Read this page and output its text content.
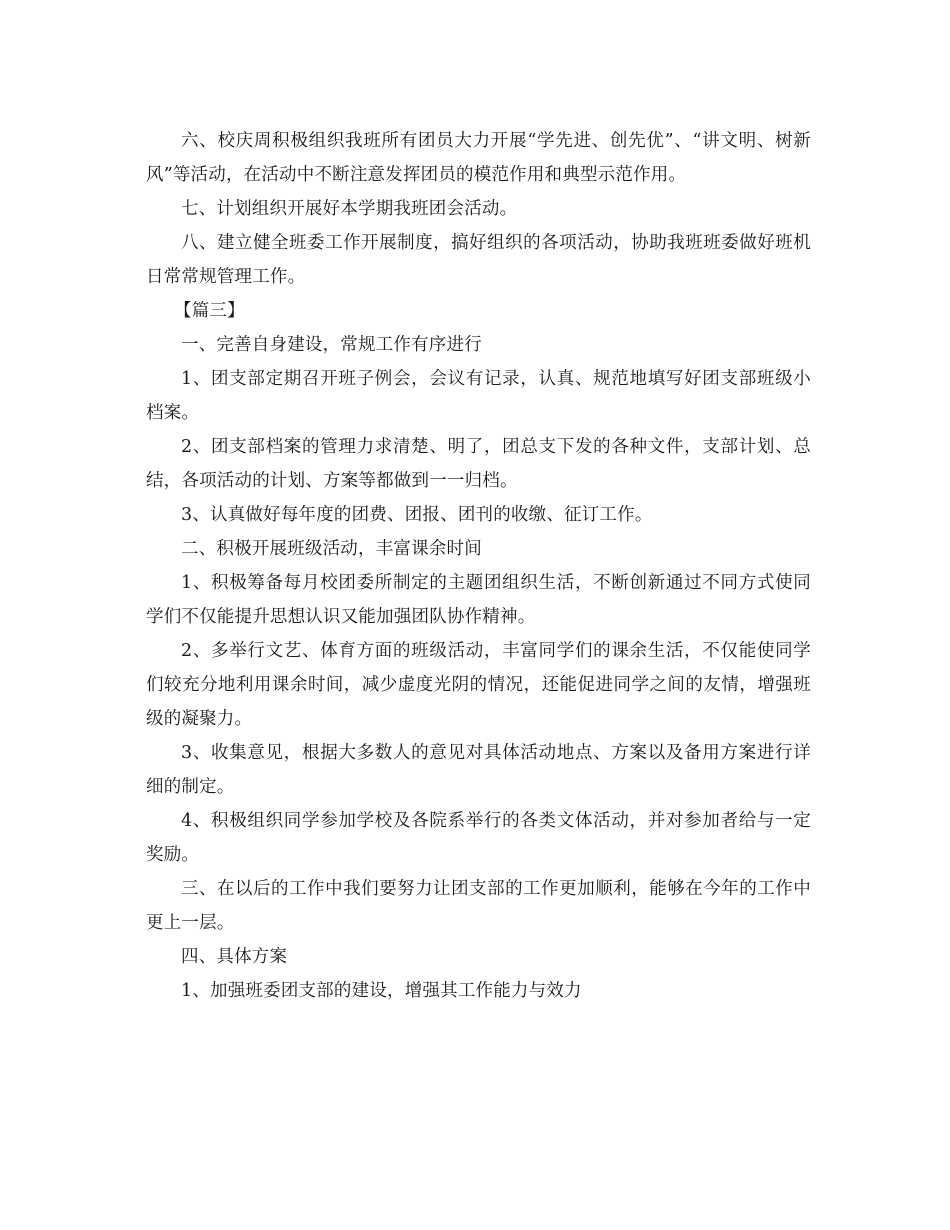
六、校庆周积极组织我班所有团员大力开展“学先进、创先优”、“讲文明、树新风”等活动，在活动中不断注意发挥团员的模范作用和典型示范作用。

七、计划组织开展好本学期我班团会活动。

八、建立健全班委工作开展制度，搞好组织的各项活动，协助我班班委做好班机日常常规管理工作。

【篇三】

一、完善自身建设，常规工作有序进行

1、团支部定期召开班子例会，会议有记录，认真、规范地填写好团支部班级小档案。

2、团支部档案的管理力求清楚、明了，团总支下发的各种文件，支部计划、总结，各项活动的计划、方案等都做到一一归档。

3、认真做好每年度的团费、团报、团刊的收缴、征订工作。

二、积极开展班级活动，丰富课余时间

1、积极筹备每月校团委所制定的主题团组织生活，不断创新通过不同方式使同学们不仅能提升思想认识又能加强团队协作精神。

2、多举行文艺、体育方面的班级活动，丰富同学们的课余生活，不仅能使同学们较充分地利用课余时间，减少虚度光阴的情况，还能促进同学之间的友情，增强班级的凝聚力。

3、收集意见，根据大多数人的意见对具体活动地点、方案以及备用方案进行详细的制定。

4、积极组织同学参加学校及各院系举行的各类文体活动，并对参加者给与一定奖励。

三、在以后的工作中我们要努力让团支部的工作更加顺利，能够在今年的工作中更上一层。

四、具体方案

1、加强班委团支部的建设，增强其工作能力与效力
